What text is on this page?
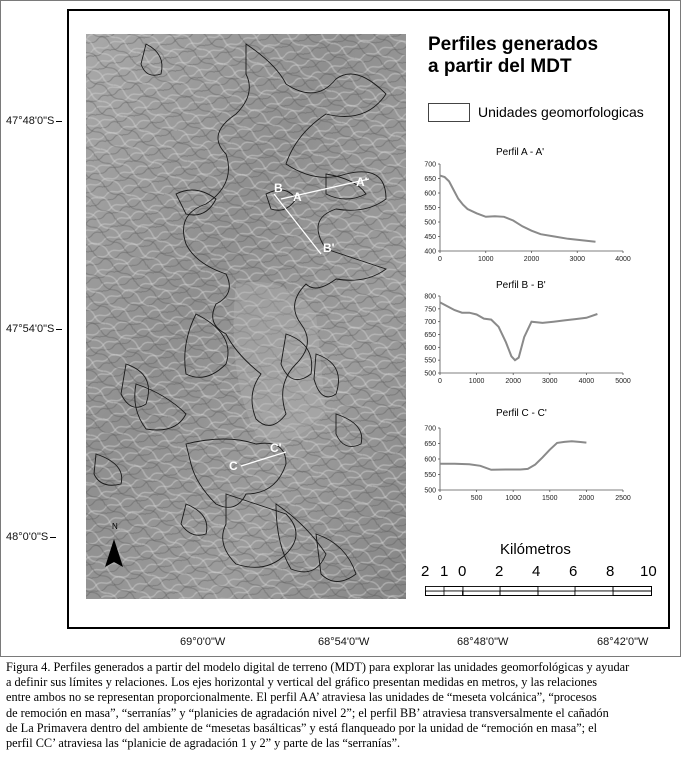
47°48'0"S
47°54'0"S
48°0'0"S
A
A'
B
B'
C
C'
N
Perfiles generados
a partir del MDT
Unidades geomorfologicas
Perfil A - A'
Perfil B - B'
Perfil C - C'
700
650
600
550
500
450
400
0	1000	2000	3000	4000
800
750
700
650
600
550
500
0	1000	2000	3000	4000	5000
700
650
600
550
500
0	500	1000	1500	2000	2500
Kilómetros
2 1 0 2 4 6 8 10
69°0'0"W	68°54'0"W	68°48'0"W	68°42'0"W
Figura 4. Perfiles generados a partir del modelo digital de terreno (MDT) para explorar las unidades geomorfológicas y ayudar
a definir sus límites y relaciones. Los ejes horizontal y vertical del gráfico presentan medidas en metros, y las relaciones
entre ambos no se representan proporcionalmente. El perfil AA’ atraviesa las unidades de “meseta volcánica”, “procesos
de remoción en masa”, “serranías” y “planicies de agradación nivel 2”; el perfil BB’ atraviesa transversalmente el cañadón
de La Primavera dentro del ambiente de “mesetas basálticas” y está flanqueado por la unidad de “remoción en masa”; el
perfil CC’ atraviesa las “planicie de agradación 1 y 2” y parte de las “serranías”.
